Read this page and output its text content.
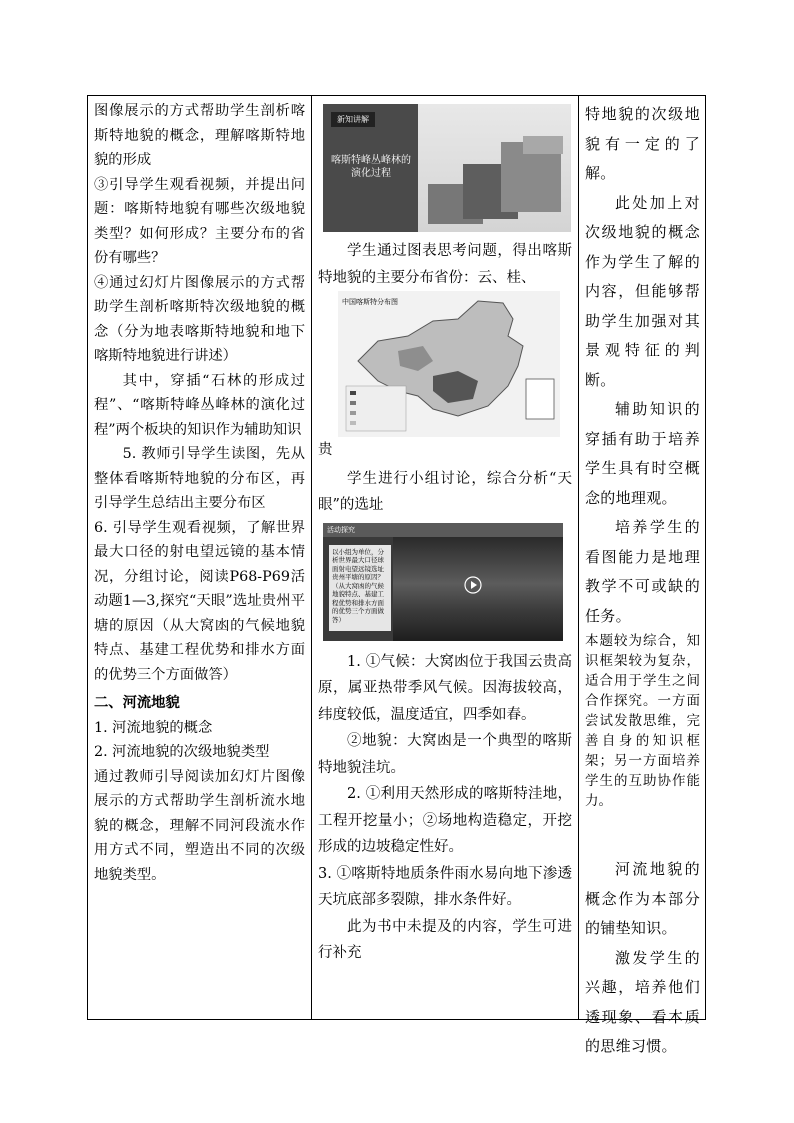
图像展示的方式帮助学生剖析喀斯特地貌的概念，理解喀斯特地貌的形成

③引导学生观看视频，并提出问题：喀斯特地貌有哪些次级地貌类型？如何形成？主要分布的省份有哪些？

④通过幻灯片图像展示的方式帮助学生剖析喀斯特次级地貌的概念（分为地表喀斯特地貌和地下喀斯特地貌进行讲述）

其中，穿插“石林的形成过程”、“喀斯特峰丛峰林的演化过程”两个板块的知识作为辅助知识

5. 教师引导学生读图，先从整体看喀斯特地貌的分布区，再引导学生总结出主要分布区

6. 引导学生观看视频，了解世界最大口径的射电望远镜的基本情况，分组讨论，阅读P68-P69活动题1—3,探究“天眼”选址贵州平塘的原因（从大窝凼的气候地貌特点、基建工程优势和排水方面的优势三个方面做答）

二、河流地貌

1. 河流地貌的概念

2. 河流地貌的次级地貌类型

通过教师引导阅读加幻灯片图像展示的方式帮助学生剖析流水地貌的概念，理解不同河段流水作用方式不同，塑造出不同的次级地貌类型。

新知讲解
喀斯特峰丛峰林的演化过程

学生通过图表思考问题，得出喀斯特地貌的主要分布省份：云、桂、

中国喀斯特分布图

贵

学生进行小组讨论，综合分析“天眼”的选址

活动探究
以小组为单位，分析世界最大口径球面射电望远镜选址贵州平塘的原因？（从大窝凼的气候地貌特点、基建工程优势和排水方面的优势三个方面做答）

1. ①气候：大窝凼位于我国云贵高原，属亚热带季风气候。因海拔较高，纬度较低，温度适宜，四季如春。

②地貌：大窝凼是一个典型的喀斯特地貌洼坑。

2. ①利用天然形成的喀斯特洼地，工程开挖量小；②场地构造稳定，开挖形成的边坡稳定性好。

3. ①喀斯特地质条件雨水易向地下渗透 天坑底部多裂隙，排水条件好。

此为书中未提及的内容，学生可进行补充

特地貌的次级地貌有一定的了解。

此处加上对次级地貌的概念作为学生了解的内容，但能够帮助学生加强对其景观特征的判断。

辅助知识的穿插有助于培养学生具有时空概念的地理观。

培养学生的看图能力是地理教学不可或缺的任务。

本题较为综合，知识框架较为复杂，适合用于学生之间合作探究。一方面尝试发散思维，完善自身的知识框架；另一方面培养学生的互助协作能力。

河流地貌的概念作为本部分的铺垫知识。

激发学生的兴趣，培养他们透现象、看本质的思维习惯。
